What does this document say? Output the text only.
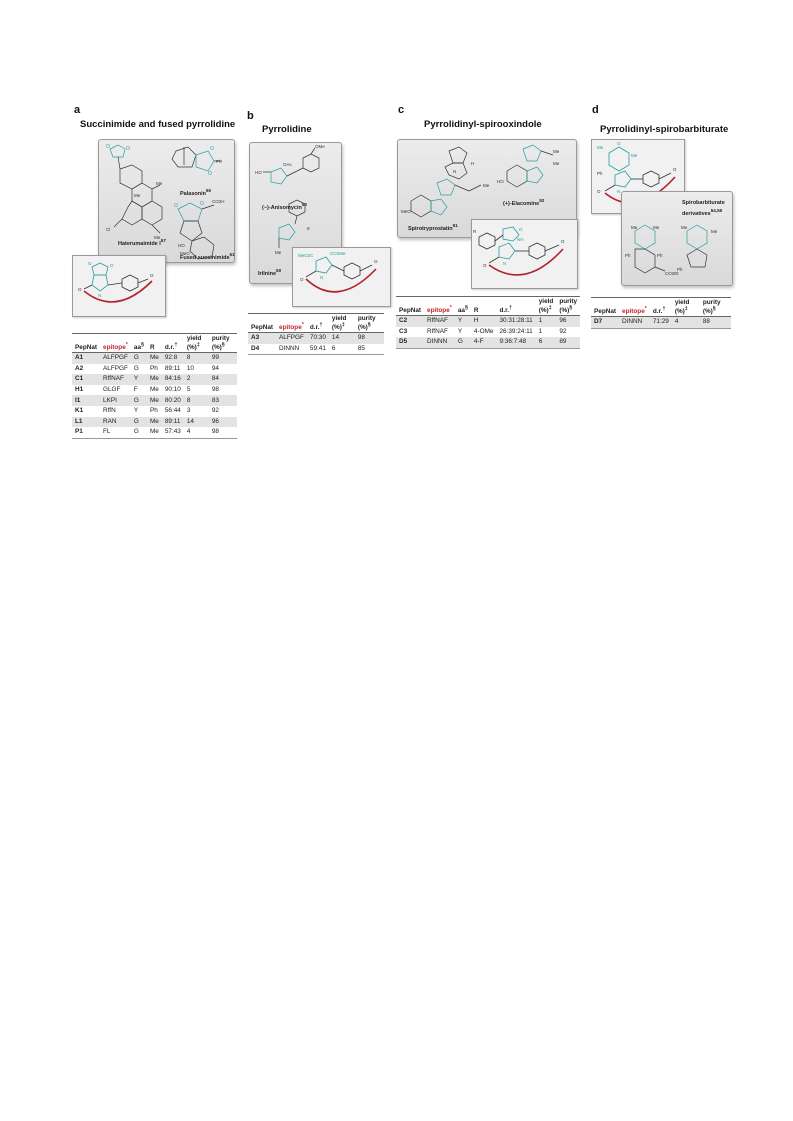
a
Succinimide and fused pyrrolidine
O	O	O
O
O	O
Me
Me
Cl
Me
CO2H
MeO
HO
Ph
Palasonin$^{60}$
Haterumaimide $I^{57}$
Fused succinimide$^{61}$
O	O
N
O
O
PepNat	epitope*	aa§	R	d.r.†	yield (%)‡	purity (%)§
A1	ALFPGF	G	Me	92:8	8	99
A2	ALFPGF	G	Ph	89:11	10	94
C1	RffNAF	Y	Me	84:16	2	84
H1	GLGF	F	Me	90:10	5	98
I1	LKPI	G	Me	80:20	8	83
K1	RffN	Y	Ph	56:44	3	92
L1	RAN	G	Me	89:11	14	96
P1	FL	G	Me	57:43	4	98
b
Pyrrolidine
OMe
OAc
HO
9
Me
(−)-Anisomycin$^{50}$
Irilnine$^{50}$
MeO2C	CO2Me
N
O
O
PepNat	epitope*	d.r.†	yield (%)‡	purity (%)§
A3	ALFPGF	70:30	14	98
D4	DINNN	59:41	6	85
c
Pyrrolidinyl-spirooxindole
MeO
HO
Me
Me
Me
H
N
Spirotryprostatin$^{51}$
(+)-Elacomine$^{52}$
NH
O
N
R
O
O
PepNat	epitope*	aa§	R	d.r.†	yield (%)‡	purity (%)§
C2	RffNAF	Y	H	30:31:28:11	1	96
C3	RffNAF	Y	4-OMe	26:39:24:11	1	92
D5	DINNN	G	4-F	9:36:7:48	6	89
d
Pyrrolidinyl-spirobarbiturate
Me
Me
O
N
Ph
O
O
Me	Me	Me
Me
Ph	Ph
CO2Et
Ph
Spirobarbiturate derivatives$^{54,55}$
PepNat	epitope*	d.r.†	yield (%)‡	purity (%)§
D7	DINNN	71:29	4	88
